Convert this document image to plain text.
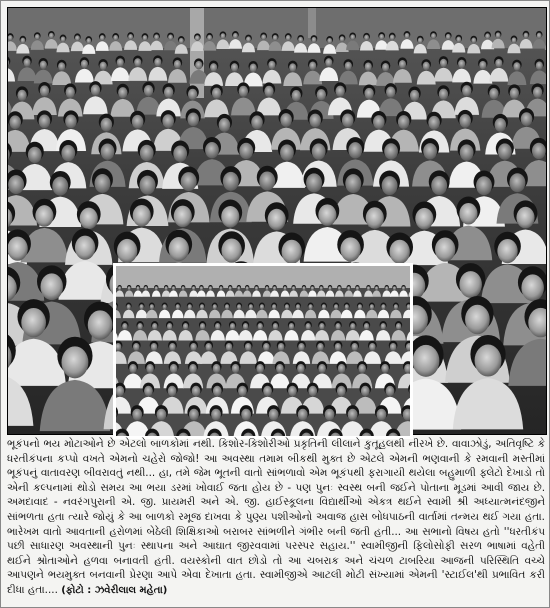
ભૂકંપનો ભય મોટાઓને છે એટલો બાળકોમાં નથી. કિશોર-કિશોરીઓ પ્રકૃતિની લીલાને કુતૂહલથી નીરખે છે. વાવાઝોડું, અતિવૃષ્ટિ કે ધરતીકંપના કપ્પો વખતે એમનો ચહેરો જોજો! આ અવસ્થા તમામ બીકથી મુક્ત છે એટલે એમની ભણવાની કે રમવાની મસ્તીમાં ભૂકંપનું વાતાવરણ બીવરાવતું નથી... હા, તમે જેમ ભૂતની વાતો સાંભળાવો એમ ભૂકંપથી ફરાગાયી થયેલા બહુમાળી ફ્લેટો દેખાડો તો એની કલ્પનામાં થોડો સમય આ ભયા ડરમાં ખોવાઈ જતા હોય છે - પણ પુનઃ સ્વસ્થ બની જઈને પોતાના મૂડમાં આવી જાય છે. અમદાવાદ - નવરંગપુરાની એ. જી. પ્રાયમરી અને એ. જી. હાઈસ્કૂલના વિદ્યાર્થીઓ એકત્ર થઈને સ્વામી શ્રી અધ્યાત્મનંદજીને સાંભળતા હતા ત્યારે જોયું કે આ બાળકો રમૂજ દાખવા કે પુણ્ય પશીઓનો અવાજ હાસ બોધપાઠની વાર્તામાં તન્મય થઈ ગયા હતા. ભારેખમ વાતો આવતાની હરોળમાં બેઠેલી શિક્ષિકાઓ બરાબર સાંભળીને ગંભીર બની જતી હતી... આ સભાનો વિષય હતો ''ધરતીકંપ પછી સાધારણ અવસ્થાની પુનઃ સ્થાપના અને આઘાત જીરવવામાં પરસ્પર સહાય.'' સ્વામીજીની ફિલોસોફી સરળ ભાષામાં વહેતી થઈને શ્રોતાઓને હળવા બનાવતી હતી. વયસ્કોની વાત છોડો તો આ ચબરાક અને ચંચળ ટાબરિયા આજની પરિસ્થિતિ વચ્ચે આપણને ભયમુક્ત બનવાની પ્રેરણા આપે એવા દેખાતા હતા. સ્વામીજીએ આટલી મોટી સંખ્યામાં એમની 'સ્ટાઈલ'થી પ્રભાવિત કરી દીધા હતા.... (ફોટો : ઝવેરીલાલ મહેતા)
